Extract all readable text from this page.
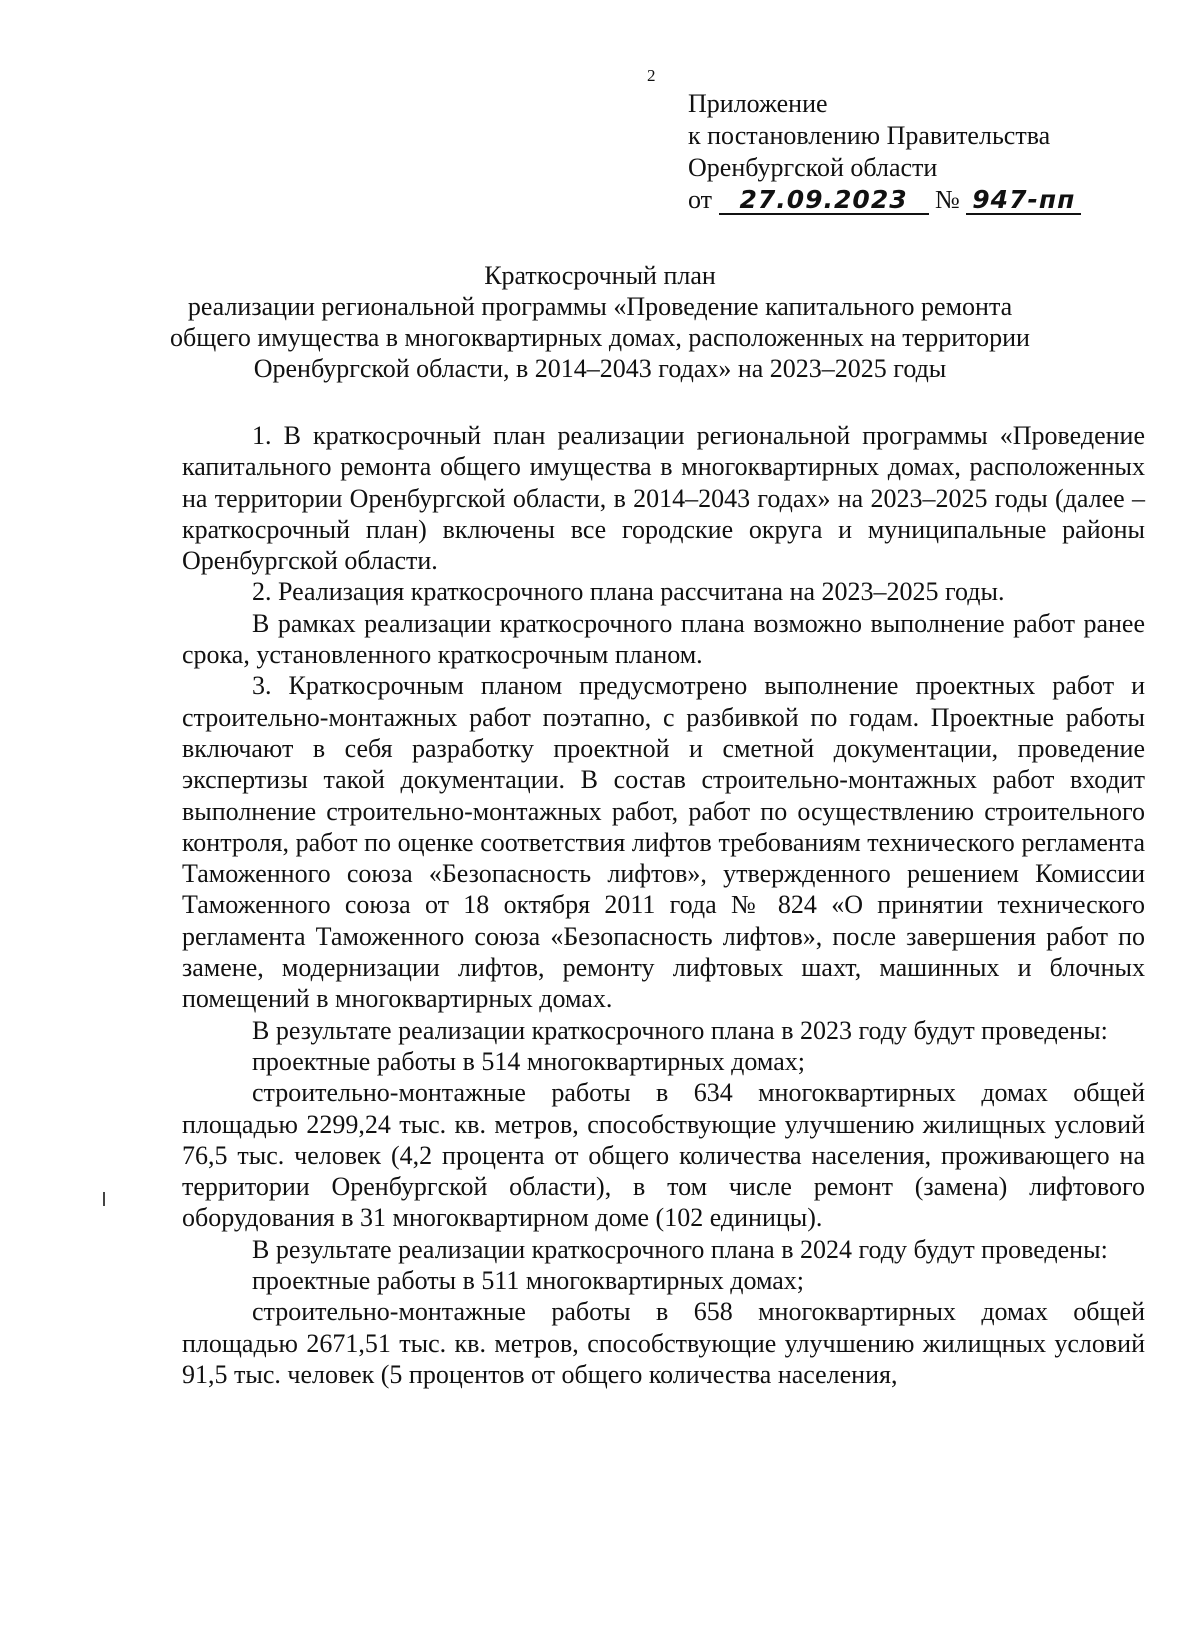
2
Приложение
к постановлению Правительства
Оренбургской области
от 27.09.2023 № 947-пп
Краткосрочный план
реализации региональной программы «Проведение капитального ремонта
общего имущества в многоквартирных домах, расположенных на территории
Оренбургской области, в 2014–2043 годах» на 2023–2025 годы

1. В краткосрочный план реализации региональной программы «Проведение капитального ремонта общего имущества в многоквартирных домах, расположенных на территории Оренбургской области, в 2014–2043 годах» на 2023–2025 годы (далее – краткосрочный план) включены все городские округа и муниципальные районы Оренбургской области.

2. Реализация краткосрочного плана рассчитана на 2023–2025 годы.

В рамках реализации краткосрочного плана возможно выполнение работ ранее срока, установленного краткосрочным планом.

3. Краткосрочным планом предусмотрено выполнение проектных работ и строительно-монтажных работ поэтапно, с разбивкой по годам. Проектные работы включают в себя разработку проектной и сметной документации, проведение экспертизы такой документации. В состав строительно-монтажных работ входит выполнение строительно-монтажных работ, работ по осуществлению строительного контроля, работ по оценке соответствия лифтов требованиям технического регламента Таможенного союза «Безопасность лифтов», утвержденного решением Комиссии Таможенного союза от 18 октября 2011 года № 824 «О принятии технического регламента Таможенного союза «Безопасность лифтов», после завершения работ по замене, модернизации лифтов, ремонту лифтовых шахт, машинных и блочных помещений в многоквартирных домах.

В результате реализации краткосрочного плана в 2023 году будут проведены:

проектные работы в 514 многоквартирных домах;

строительно-монтажные работы в 634 многоквартирных домах общей площадью 2299,24 тыс. кв. метров, способствующие улучшению жилищных условий 76,5 тыс. человек (4,2 процента от общего количества населения, проживающего на территории Оренбургской области), в том числе ремонт (замена) лифтового оборудования в 31 многоквартирном доме (102 единицы).

В результате реализации краткосрочного плана в 2024 году будут проведены:

проектные работы в 511 многоквартирных домах;

строительно-монтажные работы в 658 многоквартирных домах общей площадью 2671,51 тыс. кв. метров, способствующие улучшению жилищных условий 91,5 тыс. человек (5 процентов от общего количества населения,
